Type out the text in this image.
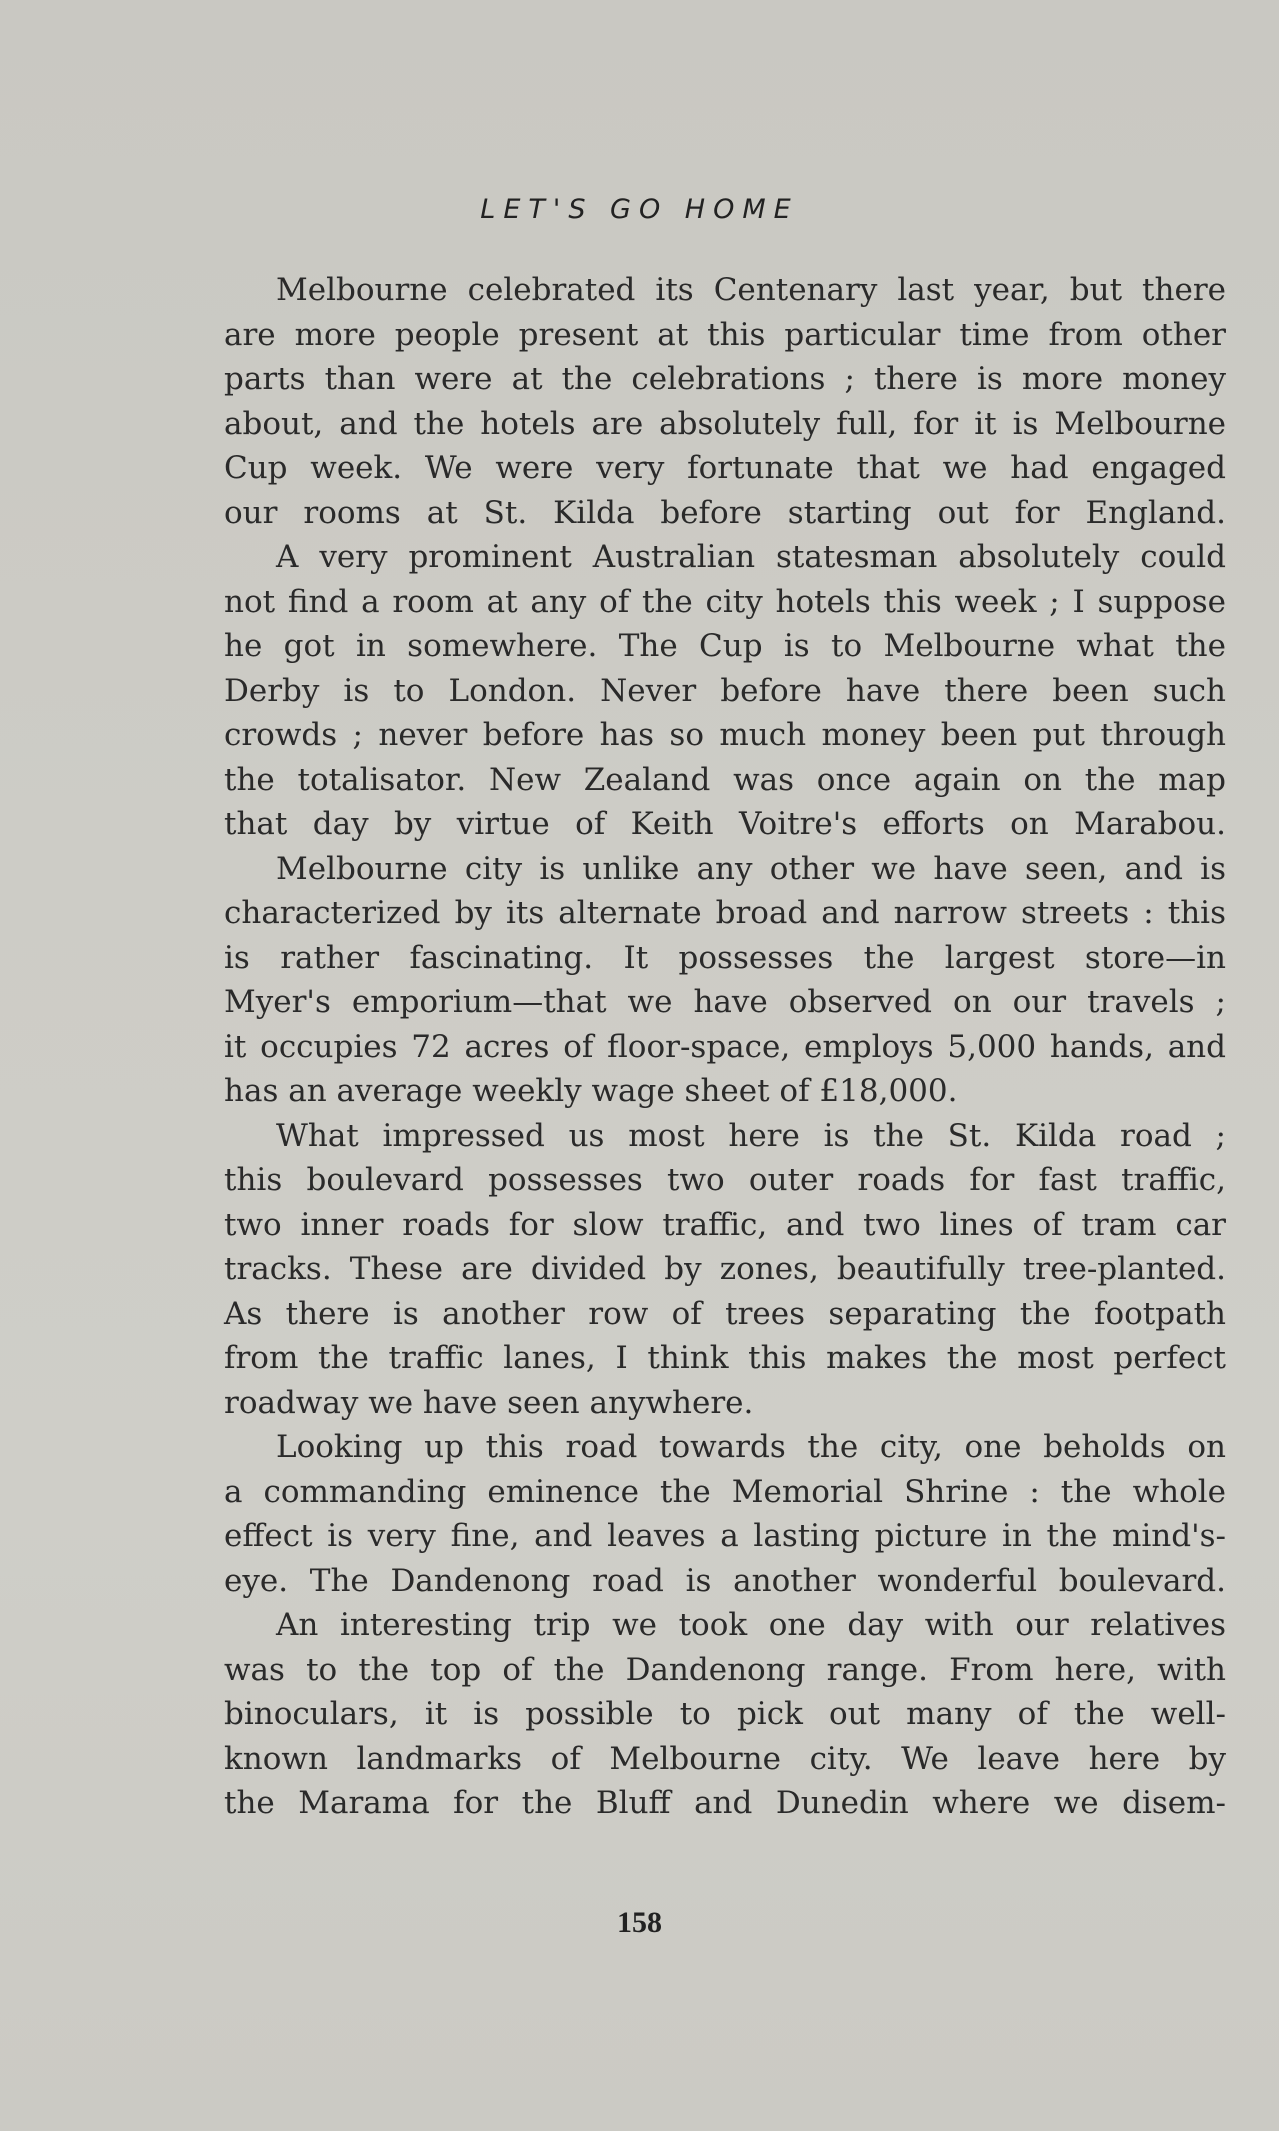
LET'S GO HOME
Melbourne celebrated its Centenary last year, but there
are more people present at this particular time from other
parts than were at the celebrations ; there is more money
about, and the hotels are absolutely full, for it is Melbourne
Cup week. We were very fortunate that we had engaged
our rooms at St. Kilda before starting out for England.
A very prominent Australian statesman absolutely could
not find a room at any of the city hotels this week ; I suppose
he got in somewhere. The Cup is to Melbourne what the
Derby is to London. Never before have there been such
crowds ; never before has so much money been put through
the totalisator. New Zealand was once again on the map
that day by virtue of Keith Voitre's efforts on Marabou.
Melbourne city is unlike any other we have seen, and is
characterized by its alternate broad and narrow streets : this
is rather fascinating. It possesses the largest store—in
Myer's emporium—that we have observed on our travels ;
it occupies 72 acres of floor-space, employs 5,000 hands, and
has an average weekly wage sheet of £18,000.
What impressed us most here is the St. Kilda road ;
this boulevard possesses two outer roads for fast traffic,
two inner roads for slow traffic, and two lines of tram car
tracks. These are divided by zones, beautifully tree-planted.
As there is another row of trees separating the footpath
from the traffic lanes, I think this makes the most perfect
roadway we have seen anywhere.
Looking up this road towards the city, one beholds on
a commanding eminence the Memorial Shrine : the whole
effect is very fine, and leaves a lasting picture in the mind's-
eye. The Dandenong road is another wonderful boulevard.
An interesting trip we took one day with our relatives
was to the top of the Dandenong range. From here, with
binoculars, it is possible to pick out many of the well-
known landmarks of Melbourne city. We leave here by
the Marama for the Bluff and Dunedin where we disem-
158
